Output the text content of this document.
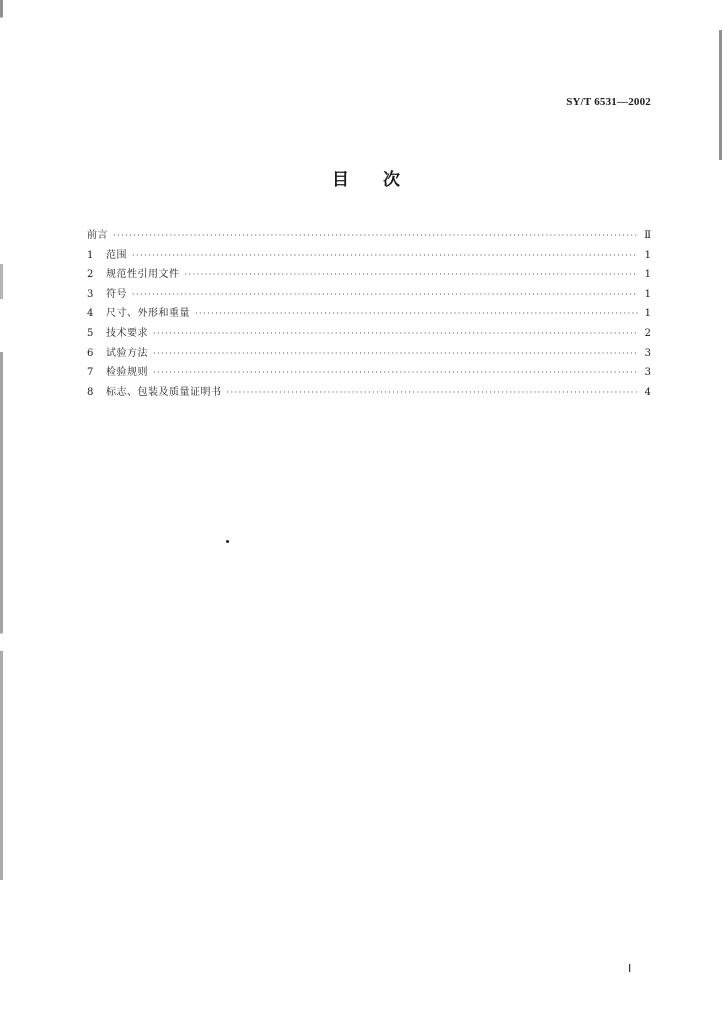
SY/T 6531—2002
目 次
前言 ·····	Ⅱ
1	范围 ·····	1
2	规范性引用文件 ·····	1
3	符号 ·····	1
4	尺寸、外形和重量 ·····	1
5	技术要求 ·····	2
6	试验方法 ·····	3
7	检验规则 ·····	3
8	标志、包装及质量证明书 ·····	4
Ⅰ
